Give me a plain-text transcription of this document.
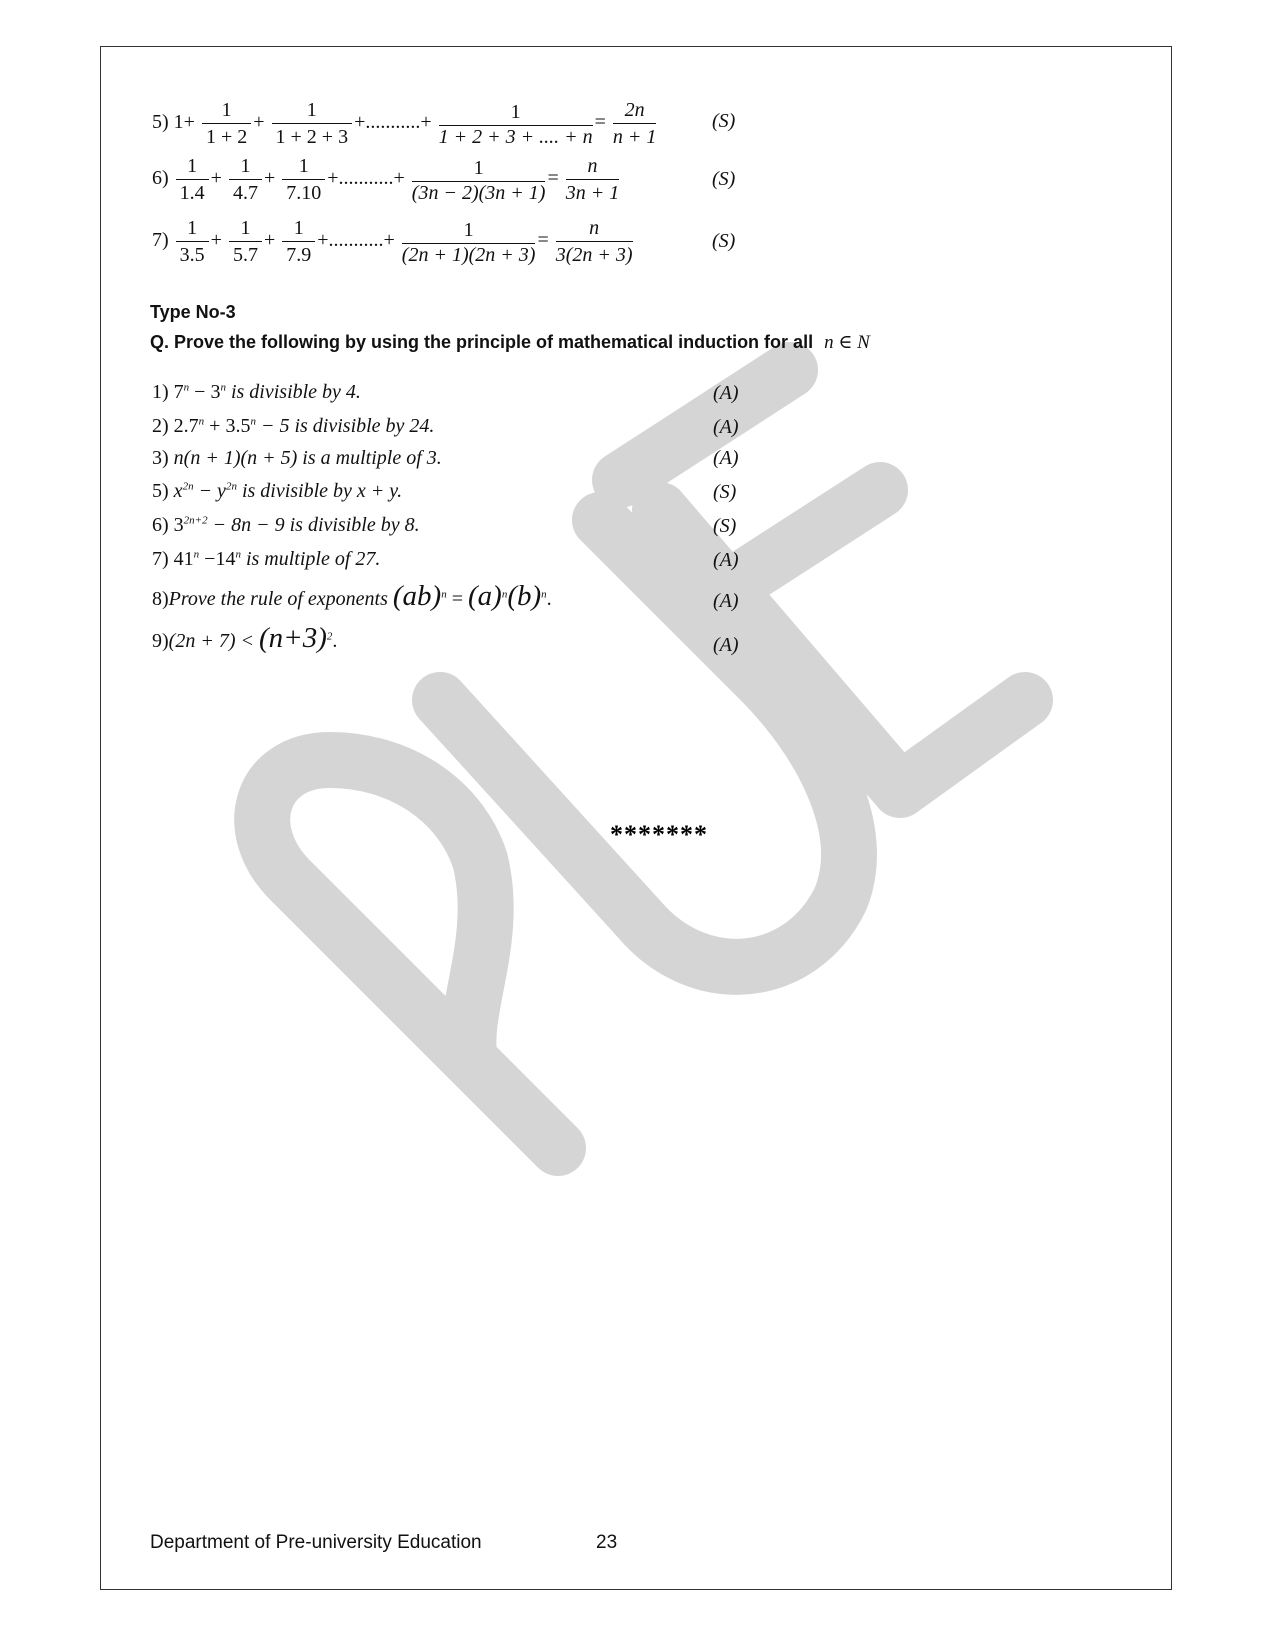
5) $1+ \frac{1}{1 + 2} + \frac{1}{1 + 2 + 3}$ +...........+ $\frac{1}{1 + 2 + 3 + .... + n} = \frac{2n}{n + 1}$	(S)
$6) \frac{1}{1.4} + \frac{1}{4.7} + \frac{1}{7.10}$ +...........+ $\frac{1}{(3n - 2)(3n + 1)} = \frac{n}{3n + 1}$	(S)
$7) \frac{1}{3.5} + \frac{1}{5.7} + \frac{1}{7.9}$ +...........+ $\frac{1}{(2n + 1)(2n + 3)} = \frac{n}{3(2n + 3)}$	(S)
Type No-3
Q. Prove the following by using the principle of mathematical induction for all n ∈ N
1) $7^n - 3^n$ is divisible by 4.	(A)
2) $2.7^n + 3.5^n - 5$ is divisible by 24.	(A)
3) n(n + 1)(n + 5) is a multiple of 3.	(A)
5) $x^{2n} - y^{2n}$ is divisible by x + y.	(S)
6) $3^{2n+2} - 8n - 9$ is divisible by 8.	(S)
7) $41^n -14^n$ is multiple of 27.	(A)
8)Prove the rule of exponents $(ab)^n = (a)^n(b)^n$.	(A)
$9)(2n + 7) < (n+3)^2$.	(A)
*******
Department of Pre-university Education	23
